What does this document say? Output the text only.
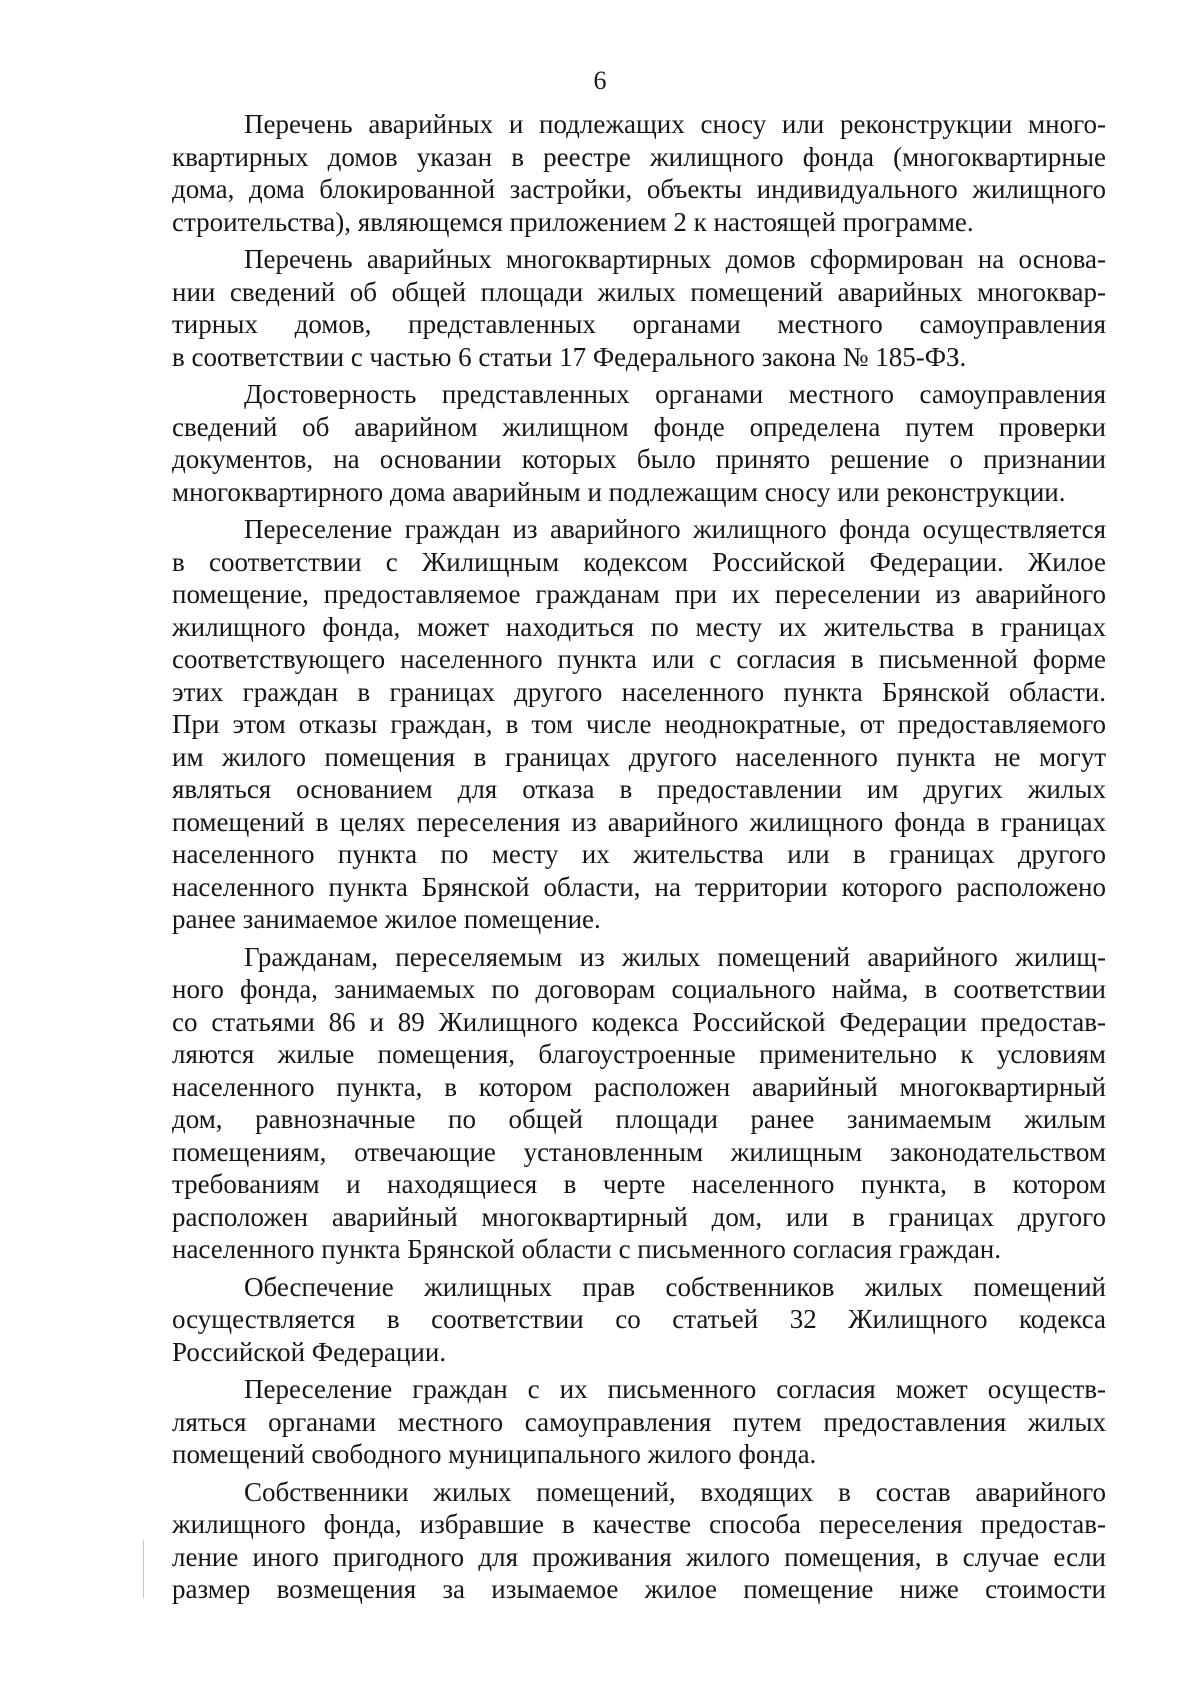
6
Перечень аварийных и подлежащих сносу или реконструкции много-
квартирных домов указан в реестре жилищного фонда (многоквартирные
дома, дома блокированной застройки, объекты индивидуального жилищного
строительства), являющемся приложением 2 к настоящей программе.
Перечень аварийных многоквартирных домов сформирован на основа-
нии сведений об общей площади жилых помещений аварийных многоквар-
тирных домов, представленных органами местного самоуправления
в соответствии с частью 6 статьи 17 Федерального закона № 185-ФЗ.
Достоверность представленных органами местного самоуправления
сведений об аварийном жилищном фонде определена путем проверки
документов, на основании которых было принято решение о признании
многоквартирного дома аварийным и подлежащим сносу или реконструкции.
Переселение граждан из аварийного жилищного фонда осуществляется
в соответствии с Жилищным кодексом Российской Федерации. Жилое
помещение, предоставляемое гражданам при их переселении из аварийного
жилищного фонда, может находиться по месту их жительства в границах
соответствующего населенного пункта или с согласия в письменной форме
этих граждан в границах другого населенного пункта Брянской области.
При этом отказы граждан, в том числе неоднократные, от предоставляемого
им жилого помещения в границах другого населенного пункта не могут
являться основанием для отказа в предоставлении им других жилых
помещений в целях переселения из аварийного жилищного фонда в границах
населенного пункта по месту их жительства или в границах другого
населенного пункта Брянской области, на территории которого расположено
ранее занимаемое жилое помещение.
Гражданам, переселяемым из жилых помещений аварийного жилищ-
ного фонда, занимаемых по договорам социального найма, в соответствии
со статьями 86 и 89 Жилищного кодекса Российской Федерации предостав-
ляются жилые помещения, благоустроенные применительно к условиям
населенного пункта, в котором расположен аварийный многоквартирный
дом, равнозначные по общей площади ранее занимаемым жилым
помещениям, отвечающие установленным жилищным законодательством
требованиям и находящиеся в черте населенного пункта, в котором
расположен аварийный многоквартирный дом, или в границах другого
населенного пункта Брянской области с письменного согласия граждан.
Обеспечение жилищных прав собственников жилых помещений
осуществляется в соответствии со статьей 32 Жилищного кодекса
Российской Федерации.
Переселение граждан с их письменного согласия может осуществ-
ляться органами местного самоуправления путем предоставления жилых
помещений свободного муниципального жилого фонда.
Собственники жилых помещений, входящих в состав аварийного
жилищного фонда, избравшие в качестве способа переселения предостав-
ление иного пригодного для проживания жилого помещения, в случае если
размер возмещения за изымаемое жилое помещение ниже стоимости
